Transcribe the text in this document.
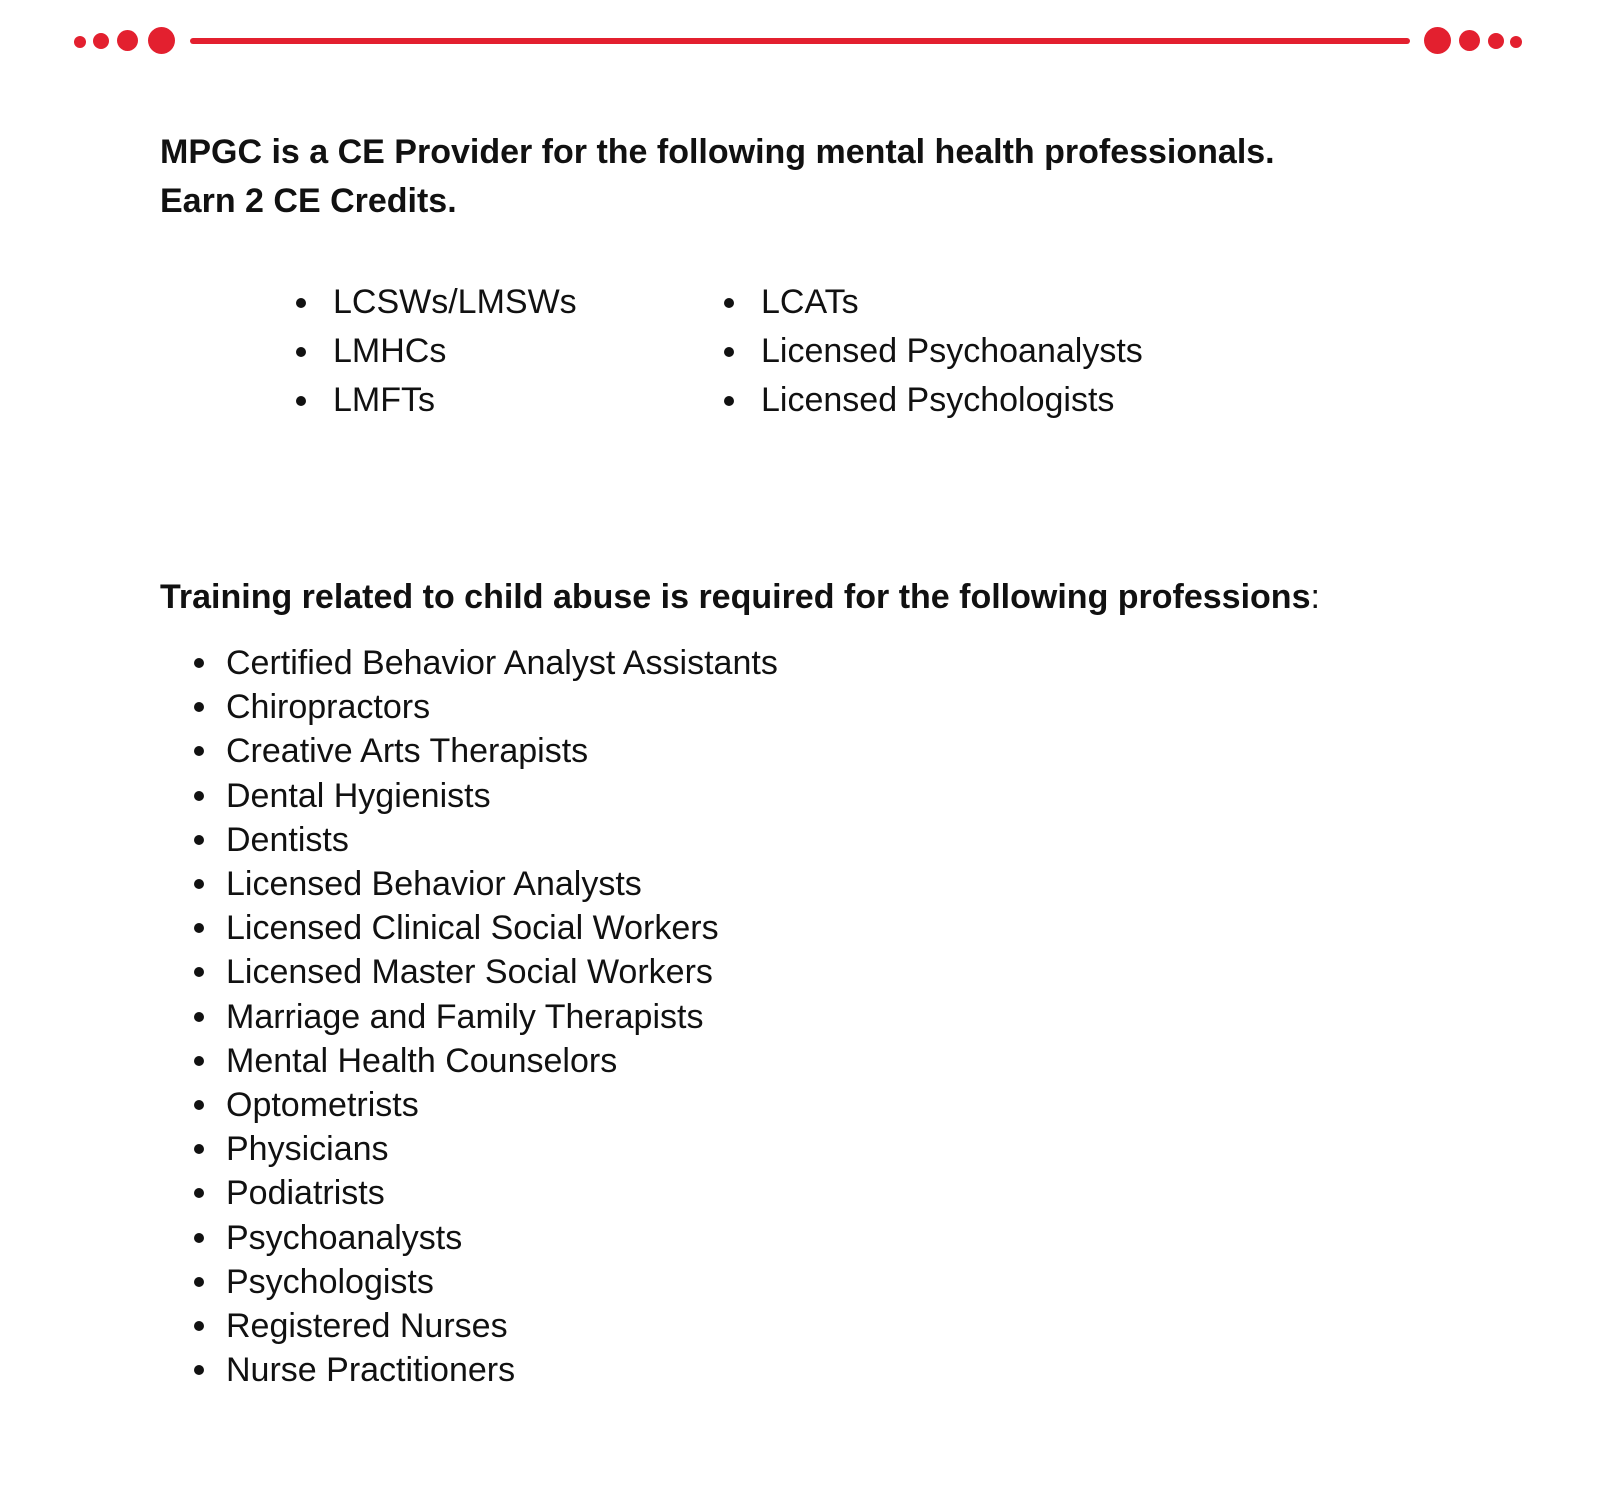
MPGC is a CE Provider for the following mental health professionals.
Earn 2 CE Credits.
LCSWs/LMSWs
LMHCs
LMFTs
LCATs
Licensed Psychoanalysts
Licensed Psychologists
Training related to child abuse is required for the following professions:
Certified Behavior Analyst Assistants
Chiropractors
Creative Arts Therapists
Dental Hygienists
Dentists
Licensed Behavior Analysts
Licensed Clinical Social Workers
Licensed Master Social Workers
Marriage and Family Therapists
Mental Health Counselors
Optometrists
Physicians
Podiatrists
Psychoanalysts
Psychologists
Registered Nurses
Nurse Practitioners
